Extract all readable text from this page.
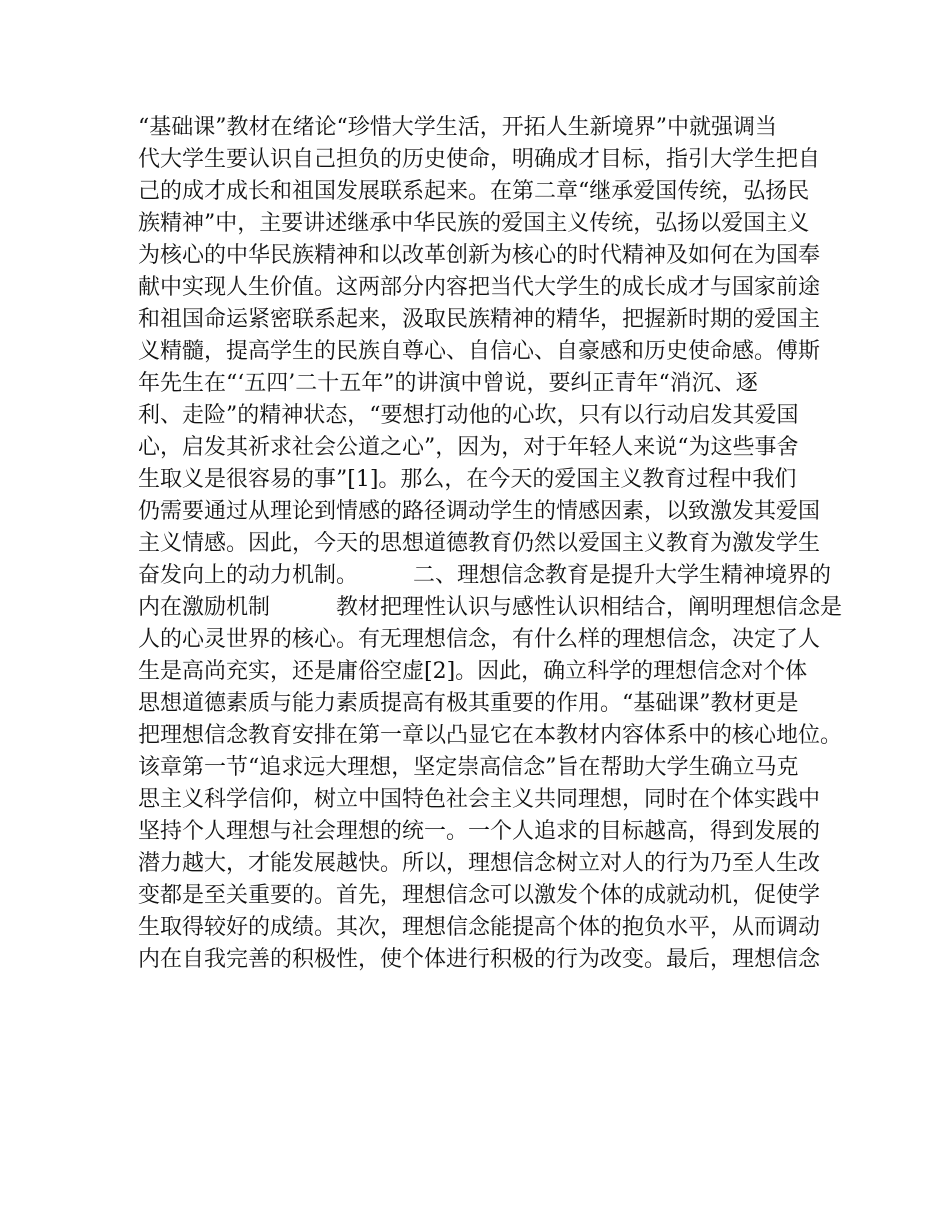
“基础课”教材在绪论“珍惜大学生活，开拓人生新境界”中就强调当
代大学生要认识自己担负的历史使命，明确成才目标，指引大学生把自
己的成才成长和祖国发展联系起来。在第二章“继承爱国传统，弘扬民
族精神”中，主要讲述继承中华民族的爱国主义传统，弘扬以爱国主义
为核心的中华民族精神和以改革创新为核心的时代精神及如何在为国奉
献中实现人生价值。这两部分内容把当代大学生的成长成才与国家前途
和祖国命运紧密联系起来，汲取民族精神的精华，把握新时期的爱国主
义精髓，提高学生的民族自尊心、自信心、自豪感和历史使命感。傅斯
年先生在“‘五四’二十五年”的讲演中曾说，要纠正青年“消沉、逐
利、走险”的精神状态，“要想打动他的心坎，只有以行动启发其爱国
心，启发其祈求社会公道之心”，因为，对于年轻人来说“为这些事舍
生取义是很容易的事”[1]。那么，在今天的爱国主义教育过程中我们
仍需要通过从理论到情感的路径调动学生的情感因素，以致激发其爱国
主义情感。因此，今天的思想道德教育仍然以爱国主义教育为激发学生
奋发向上的动力机制。　　　二、理想信念教育是提升大学生精神境界的
内在激励机制　　　教材把理性认识与感性认识相结合，阐明理想信念是
人的心灵世界的核心。有无理想信念，有什么样的理想信念，决定了人
生是高尚充实，还是庸俗空虚[2]。因此，确立科学的理想信念对个体
思想道德素质与能力素质提高有极其重要的作用。“基础课”教材更是
把理想信念教育安排在第一章以凸显它在本教材内容体系中的核心地位。
该章第一节“追求远大理想，坚定崇高信念”旨在帮助大学生确立马克
思主义科学信仰，树立中国特色社会主义共同理想，同时在个体实践中
坚持个人理想与社会理想的统一。一个人追求的目标越高，得到发展的
潜力越大，才能发展越快。所以，理想信念树立对人的行为乃至人生改
变都是至关重要的。首先，理想信念可以激发个体的成就动机，促使学
生取得较好的成绩。其次，理想信念能提高个体的抱负水平，从而调动
内在自我完善的积极性，使个体进行积极的行为改变。最后，理想信念
